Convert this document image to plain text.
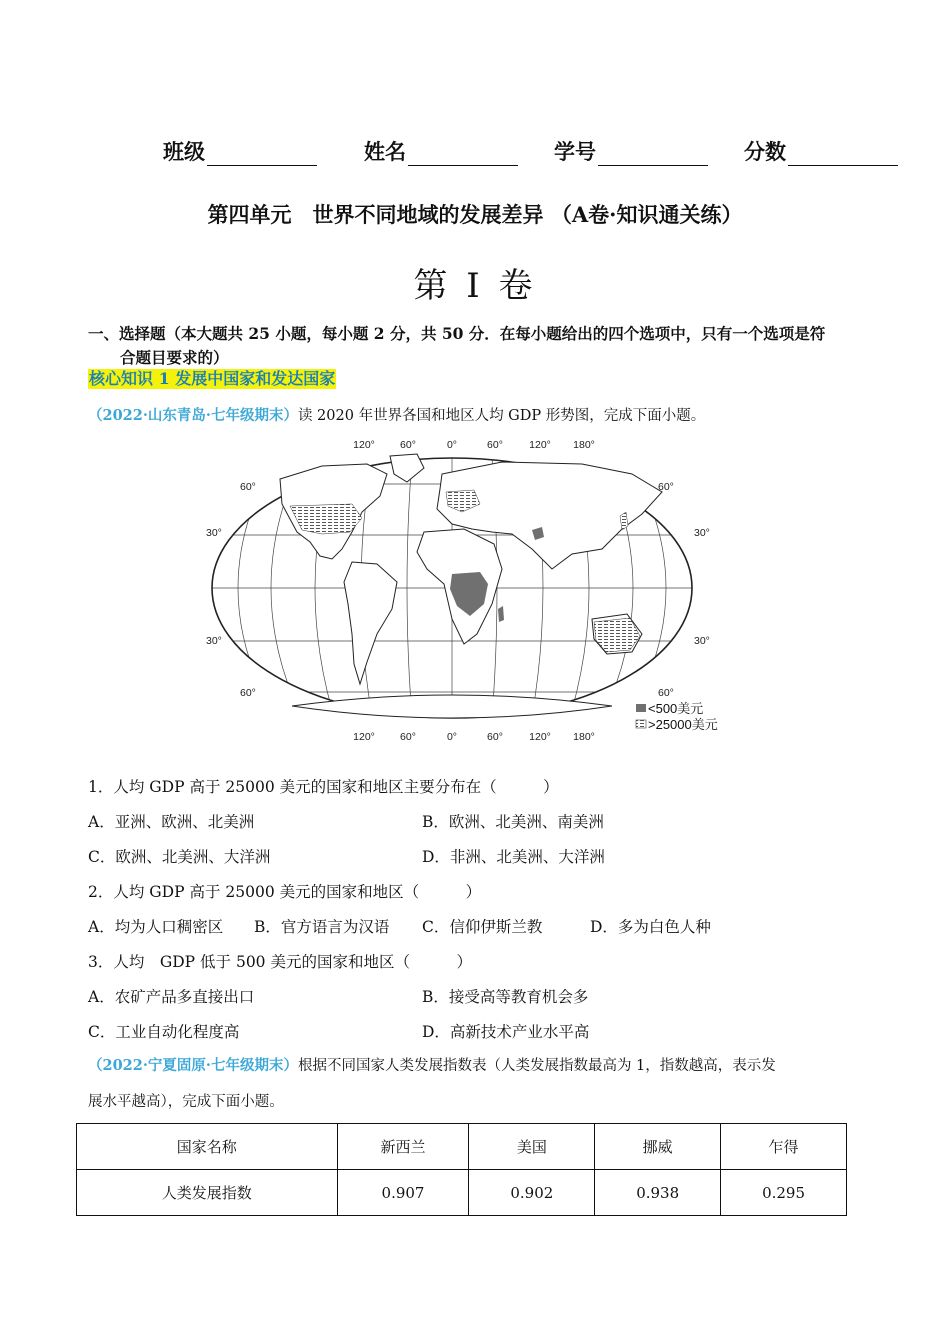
班级	姓名	学号	分数
第四单元　世界不同地域的发展差异 （A卷·知识通关练）
第 I 卷
一、选择题（本大题共 25 小题，每小题 2 分，共 50 分．在每小题给出的四个选项中，只有一个选项是符
合题目要求的）
核心知识 1 发展中国家和发达国家
（2022·山东青岛·七年级期末）读 2020 年世界各国和地区人均 GDP 形势图，完成下面小题。
120° 60°	0°	60° 120° 180°
120° 60°	0°	60° 120° 180°
60°
30°
30°
60°
60°
30°
30°
60°
<500美元
>25000美元
1．人均 GDP 高于 25000 美元的国家和地区主要分布在（　　　）
A．亚洲、欧洲、北美洲	B．欧洲、北美洲、南美洲
C．欧洲、北美洲、大洋洲	D．非洲、北美洲、大洋洲
2．人均 GDP 高于 25000 美元的国家和地区（　　　）
A．均为人口稠密区 B．官方语言为汉语 C．信仰伊斯兰教	D．多为白色人种
3．人均　GDP 低于 500 美元的国家和地区（　　　）
A．农矿产品多直接出口	B．接受高等教育机会多
C．工业自动化程度高	D．高新技术产业水平高
（2022·宁夏固原·七年级期末）根据不同国家人类发展指数表（人类发展指数最高为 1，指数越高，表示发
展水平越高），完成下面小题。
国家名称	新西兰	美国	挪威	乍得
人类发展指数	0.907	0.902	0.938	0.295
